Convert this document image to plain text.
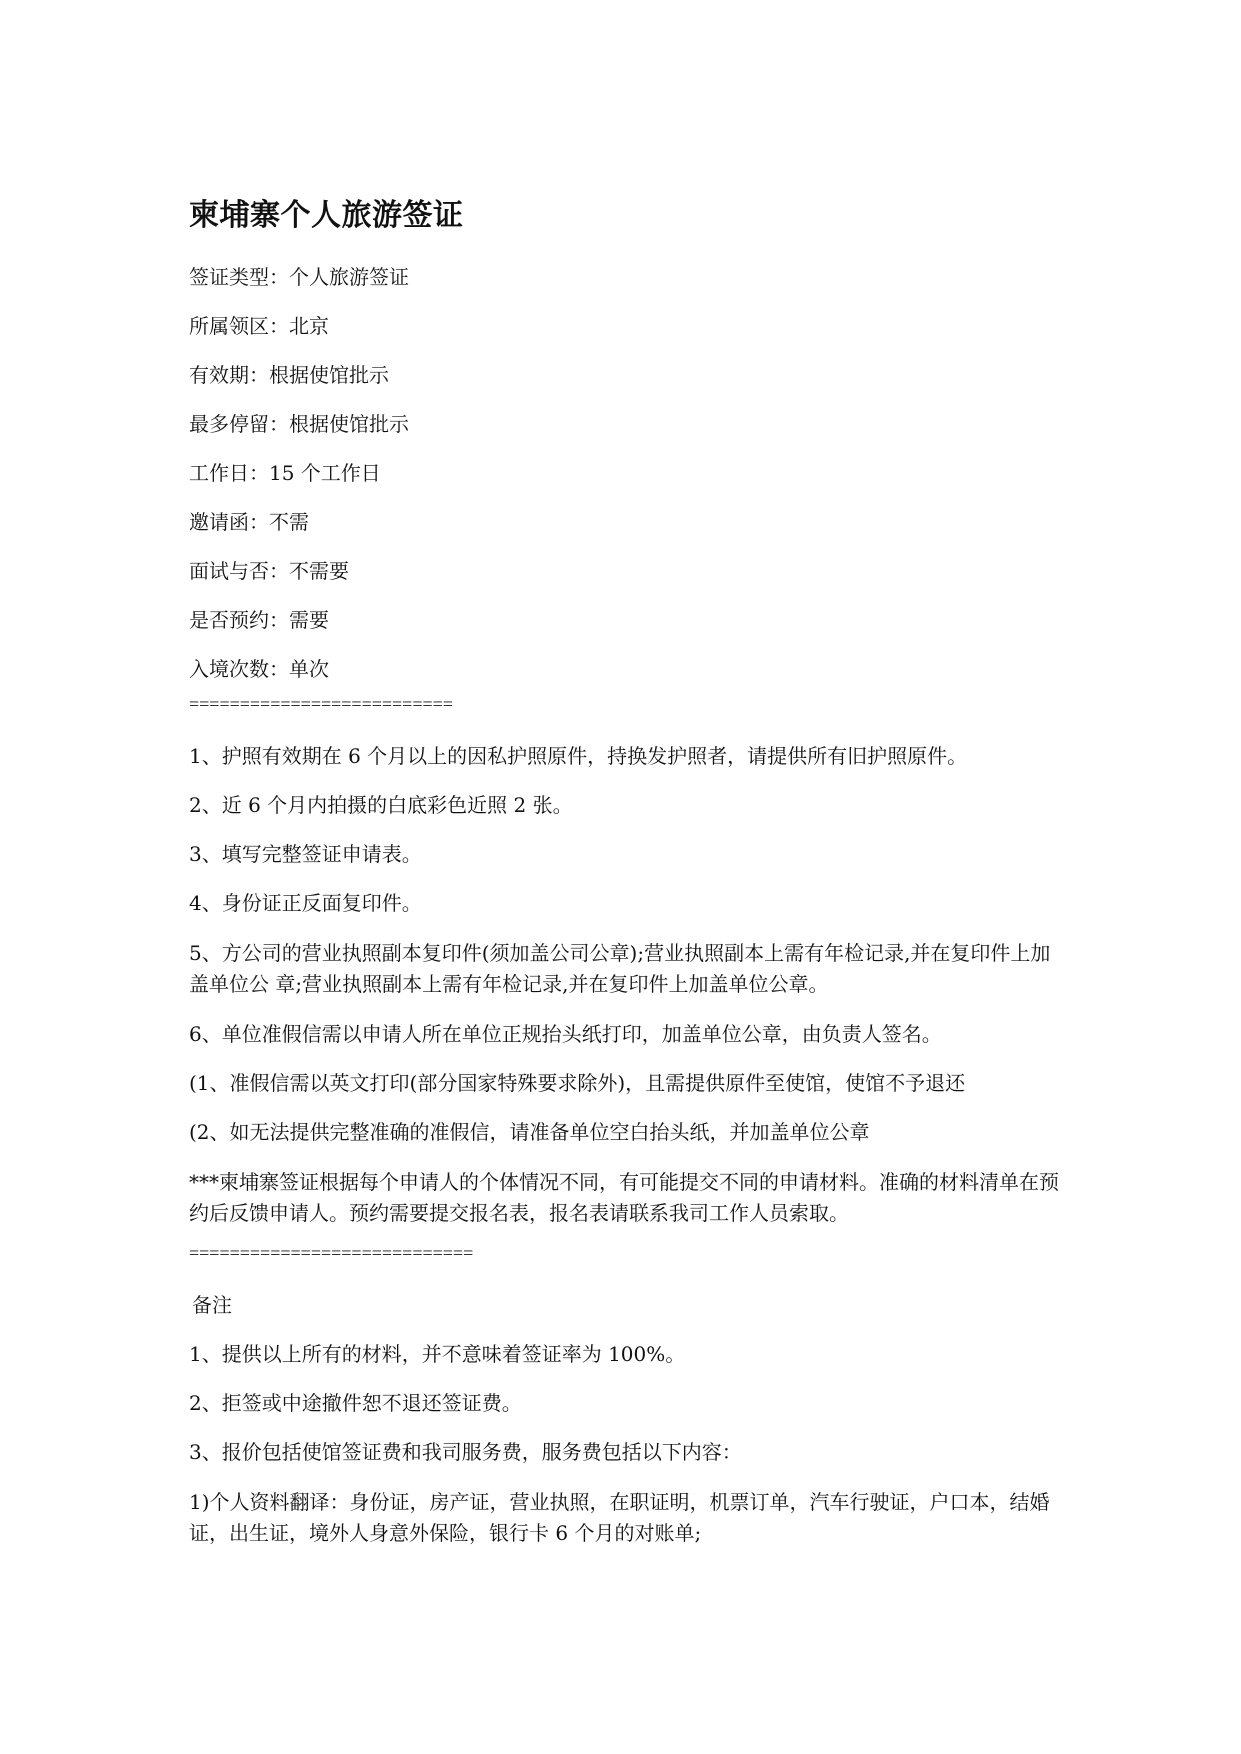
柬埔寨个人旅游签证

签证类型：个人旅游签证

所属领区：北京

有效期：根据使馆批示

最多停留：根据使馆批示

工作日：15 个工作日

邀请函：不需

面试与否：不需要

是否预约：需要

入境次数：单次

==========================

1、护照有效期在 6 个月以上的因私护照原件，持换发护照者，请提供所有旧护照原件。

2、近 6 个月内拍摄的白底彩色近照 2 张。

3、填写完整签证申请表。

4、身份证正反面复印件。

5、方公司的营业执照副本复印件(须加盖公司公章);营业执照副本上需有年检记录,并在复印件上加盖单位公 章;营业执照副本上需有年检记录,并在复印件上加盖单位公章。

6、单位准假信需以申请人所在单位正规抬头纸打印，加盖单位公章，由负责人签名。

(1、准假信需以英文打印(部分国家特殊要求除外)，且需提供原件至使馆，使馆不予退还

(2、如无法提供完整准确的准假信，请准备单位空白抬头纸，并加盖单位公章

***柬埔寨签证根据每个申请人的个体情况不同，有可能提交不同的申请材料。准确的材料清单在预约后反馈申请人。预约需要提交报名表，报名表请联系我司工作人员索取。

============================

备注

1、提供以上所有的材料，并不意味着签证率为 100%。

2、拒签或中途撤件恕不退还签证费。

3、报价包括使馆签证费和我司服务费，服务费包括以下内容：

1)个人资料翻译：身份证，房产证，营业执照，在职证明，机票订单，汽车行驶证，户口本，结婚证，出生证，境外人身意外保险，银行卡 6 个月的对账单;
